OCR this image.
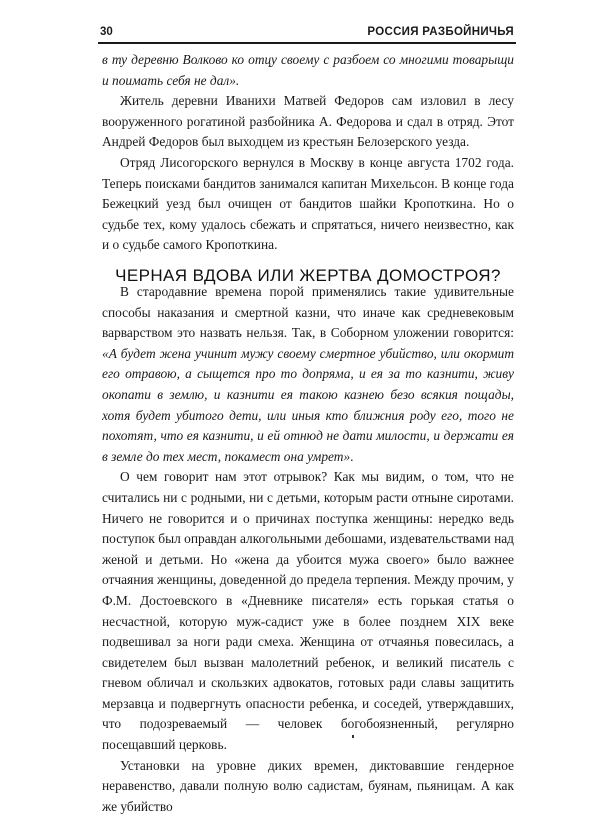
30	РОССИЯ РАЗБОЙНИЧЬЯ

в ту деревню Волково ко отцу своему с разбоем со многими товарыщи и поимать себя не дал».

Житель деревни Иванихи Матвей Федоров сам изловил в лесу вооруженного рогатиной разбойника А. Федорова и сдал в отряд. Этот Андрей Федоров был выходцем из крестьян Белозерского уезда.

Отряд Лисогорского вернулся в Москву в конце августа 1702 года. Теперь поисками бандитов занимался капитан Михельсон. В конце года Бежецкий уезд был очищен от бандитов шайки Кропоткина. Но о судьбе тех, кому удалось сбежать и спрятаться, ничего неизвестно, как и о судьбе самого Кропоткина.

ЧЕРНАЯ ВДОВА ИЛИ ЖЕРТВА ДОМОСТРОЯ?

В стародавние времена порой применялись такие удивительные способы наказания и смертной казни, что иначе как средневековым варварством это назвать нельзя. Так, в Соборном уложении говорится: «А будет жена учинит мужу своему смертное убийство, или окормит его отравою, а сыщется про то допряма, и ея за то казнити, живу окопати в землю, и казнити ея такою казнею безо всякия пощады, хотя будет убитого дети, или иныя кто ближния роду его, того не похотят, что ея казнити, и ей отнюд не дати милости, и держати ея в земле до тех мест, покамест она умрет».

О чем говорит нам этот отрывок? Как мы видим, о том, что не считались ни с родными, ни с детьми, которым расти отныне сиротами. Ничего не говорится и о причинах поступка женщины: нередко ведь поступок был оправдан алкогольными дебошами, издевательствами над женой и детьми. Но «жена да убоится мужа своего» было важнее отчаяния женщины, доведенной до предела терпения. Между прочим, у Ф.М. Достоевского в «Дневнике писателя» есть горькая статья о несчастной, которую муж-садист уже в более позднем XIX веке подвешивал за ноги ради смеха. Женщина от отчаянья повесилась, а свидетелем был вызван малолетний ребенок, и великий писатель с гневом обличал и скользких адвокатов, готовых ради славы защитить мерзавца и подвергнуть опасности ребенка, и соседей, утверждавших, что подозреваемый — человек богобоязненный, регулярно посещавший церковь.

Установки на уровне диких времен, диктовавшие гендерное неравенство, давали полную волю садистам, буянам, пьяницам. А как же убийство
